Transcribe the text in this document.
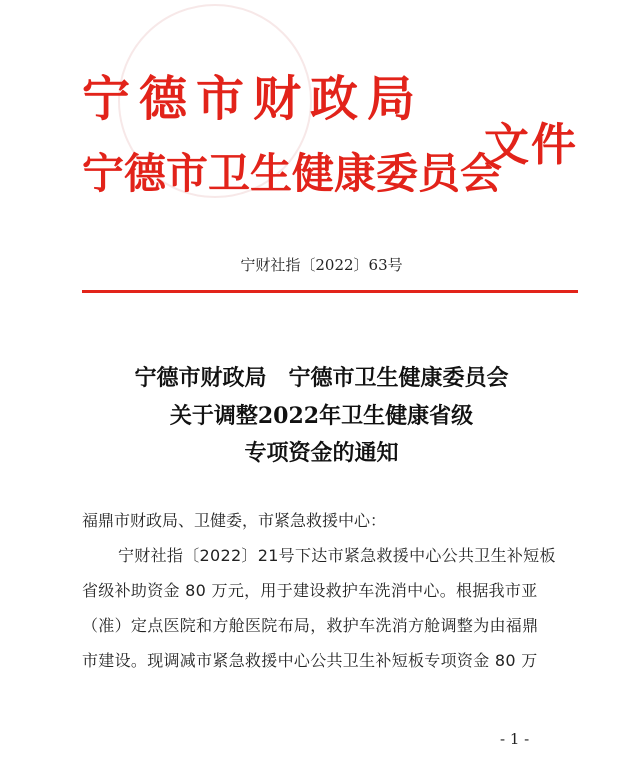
宁德市财政局
宁德市卫生健康委员会
文件
宁财社指〔2022〕63号
宁德市财政局　宁德市卫生健康委员会
关于调整2022年卫生健康省级
专项资金的通知
福鼎市财政局、卫健委，市紧急救援中心：
宁财社指〔2022〕21号下达市紧急救援中心公共卫生补短板
省级补助资金 80 万元，用于建设救护车洗消中心。根据我市亚
（准）定点医院和方舱医院布局，救护车洗消方舱调整为由福鼎
市建设。现调减市紧急救援中心公共卫生补短板专项资金 80 万
- 1 -
